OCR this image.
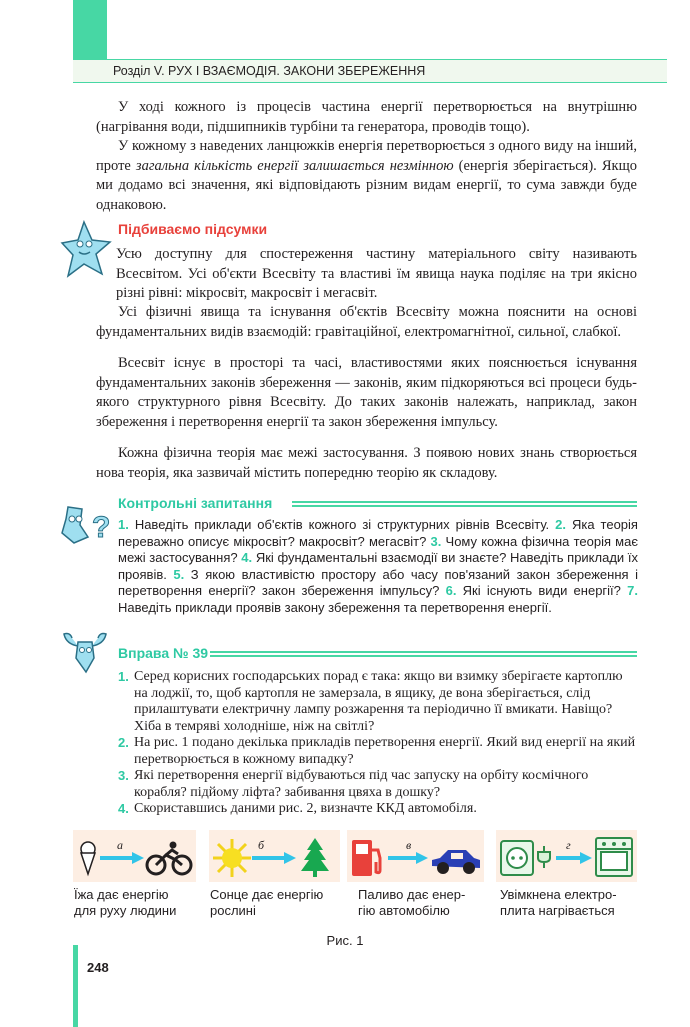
Розділ V. РУХ І ВЗАЄМОДІЯ. ЗАКОНИ ЗБЕРЕЖЕННЯ

У ході кожного із процесів частина енергії перетворюється на внутрішню (нагрівання води, підшипників турбіни та генератора, проводів тощо).

У кожному з наведених ланцюжків енергія перетворюється з одного виду на інший, проте загальна кількість енергії залишається незмінною (енергія зберігається). Якщо ми додамо всі значення, які відповідають різним видам енергії, то сума завжди буде однаковою.

Підбиваємо підсумки

Усю доступну для спостереження частину матеріального світу називають Всесвітом. Усі об'єкти Всесвіту та властиві їм явища наука поділяє на три якісно різні рівні: мікросвіт, макросвіт і мегасвіт.

Усі фізичні явища та існування об'єктів Всесвіту можна пояснити на основі фундаментальних видів взаємодій: гравітаційної, електромагнітної, сильної, слабкої.

Всесвіт існує в просторі та часі, властивостями яких пояснюється існування фундаментальних законів збереження — законів, яким підкоряються всі процеси будь-якого структурного рівня Всесвіту. До таких законів належать, наприклад, закон збереження і перетворення енергії та закон збереження імпульсу.

Кожна фізична теорія має межі застосування. З появою нових знань створюється нова теорія, яка зазвичай містить попередню теорію як складову.

?
Контрольні запитання
1. Наведіть приклади об'єктів кожного зі структурних рівнів Всесвіту. 2. Яка теорія переважно описує мікросвіт? макросвіт? мегасвіт? 3. Чому кожна фізична теорія має межі застосування? 4. Які фундаментальні взаємодії ви знаєте? Наведіть приклади їх проявів. 5. З якою властивістю простору або часу пов'язаний закон збереження і перетворення енергії? закон збереження імпульсу? 6. Які існують види енергії? 7. Наведіть приклади проявів закону збереження та перетворення енергії.
Вправа № 39
1. Серед корисних господарських порад є така: якщо ви взимку зберігаєте картоплю на лоджії, то, щоб картопля не замерзала, в ящику, де вона зберігається, слід прилаштувати електричну лампу розжарення та періодично її вмикати. Навіщо? Хіба в темряві холодніше, ніж на світлі?
2. На рис. 1 подано декілька прикладів перетворення енергії. Який вид енергії на який перетворюється в кожному випадку?
3. Які перетворення енергії відбуваються під час запуску на орбіту космічного корабля? підйому ліфта? забивання цвяха в дошку?
4. Скориставшись даними рис. 2, визначте ККД автомобіля.
а	б	в	г
Їжа дає енергію
для руху людини
Сонце дає енергію
рослині
Паливо дає енер-
гію автомобілю
Увімкнена електро-
плита нагрівається
Рис. 1
248
